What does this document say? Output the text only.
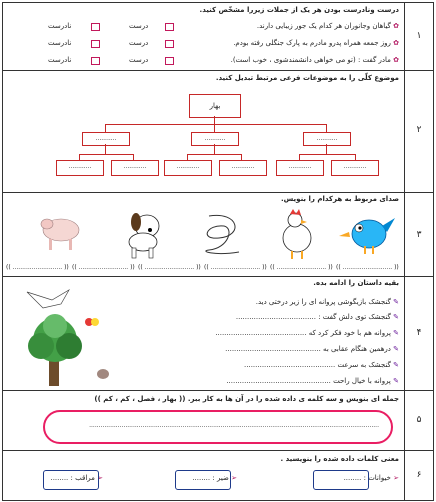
۱
درست ونادرست بودن هر یک از جملات زیررا مشخّص کنید.
✿ گیاهان وجانوران هر کدام یک جور زیبایی دارند.
درست
نادرست
✿ روز جمعه همراه پدرو مادرم به پارک جنگلی رفته بودم.
درست
نادرست
✿ مادر گفت : (تو می خواهی دانشمندشوی ، خوب است).
درست
نادرست
۲
موضوع کلّی را به موضوعات فرعی مرتبط تبدیل کنید.
بهار
...........	...........	...........
............	............	............	............	............	............
۳
صدای مربوط به هرکدام را بنویس.
(( .......................... )) (( .......................... )) (( .......................... )) (( .......................... )) (( .......................... )) (( .......................... ))
۴
بقیه داستان را ادامه بده.
✎ گنجشک بازیگوشی پروانه ای را زیر درختی دید.
✎ گنجشک توی دلش گفت : ....................................
✎ پروانه هم با خود فکر کرد که .........................................
✎ درهمین هنگام عقابی به ...........................................
✎ گنجشک به سرعت .........................................
✎ پروانه با خیال راحت ...............................................
۵
جمله ای بنویس و سه کلمه ی داده شده را در آن ها به کار ببر. (( بهار ، فصل ، کم ، کم ))
........................................................................................................................................................
۶
معنی کلمات داده شده را بنویسید .
➢ خیوانات : ........
➢ ضیر : ........
➢ مراقب : ........
